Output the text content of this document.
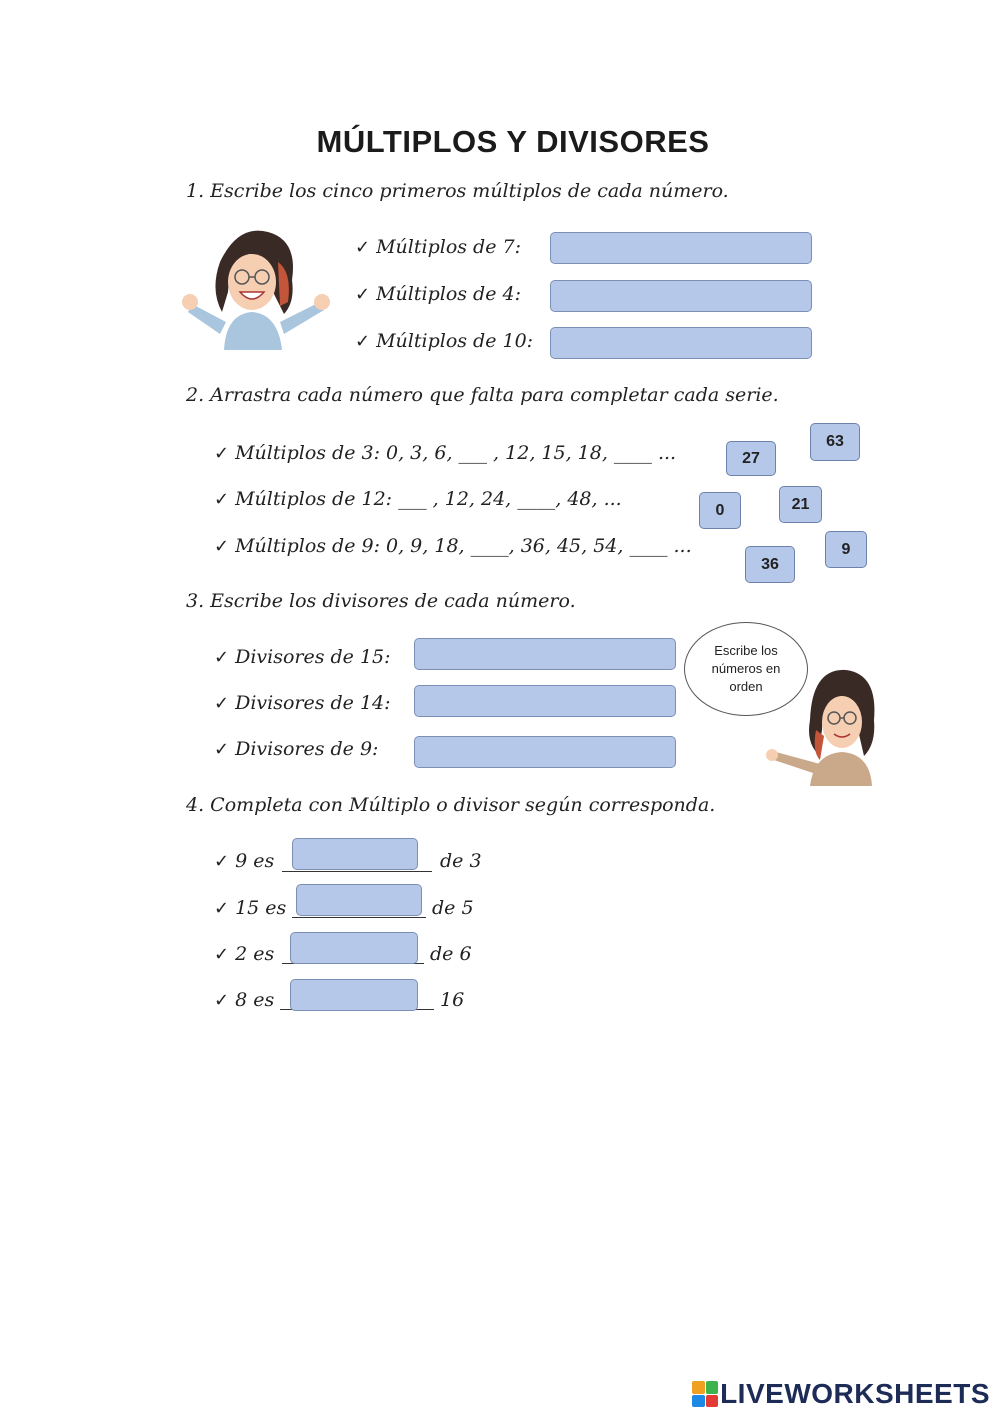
MÚLTIPLOS Y DIVISORES
1. Escribe los cinco primeros múltiplos de cada número.
✓ Múltiplos de 7:
✓ Múltiplos de 4:
✓ Múltiplos de 10:
2. Arrastra cada número que falta para completar cada serie.
✓ Múltiplos de 3: 0, 3, 6, ___ , 12, 15, 18, ____ ...
✓ Múltiplos de 12: ___ , 12, 24, ____, 48, ...
✓ Múltiplos de 9: 0, 9, 18, ____, 36, 45, 54, ____ ...
27
63
0	21
36
9
3. Escribe los divisores de cada número.
✓ Divisores de 15:
✓ Divisores de 14:
✓ Divisores de 9:
Escribe los números en orden
4. Completa con Múltiplo o divisor según corresponda.
✓ 9 es	de 3
✓ 15 es	de 5
✓ 2 es	de 6
✓ 8 es	16
LIVEWORKSHEETS
